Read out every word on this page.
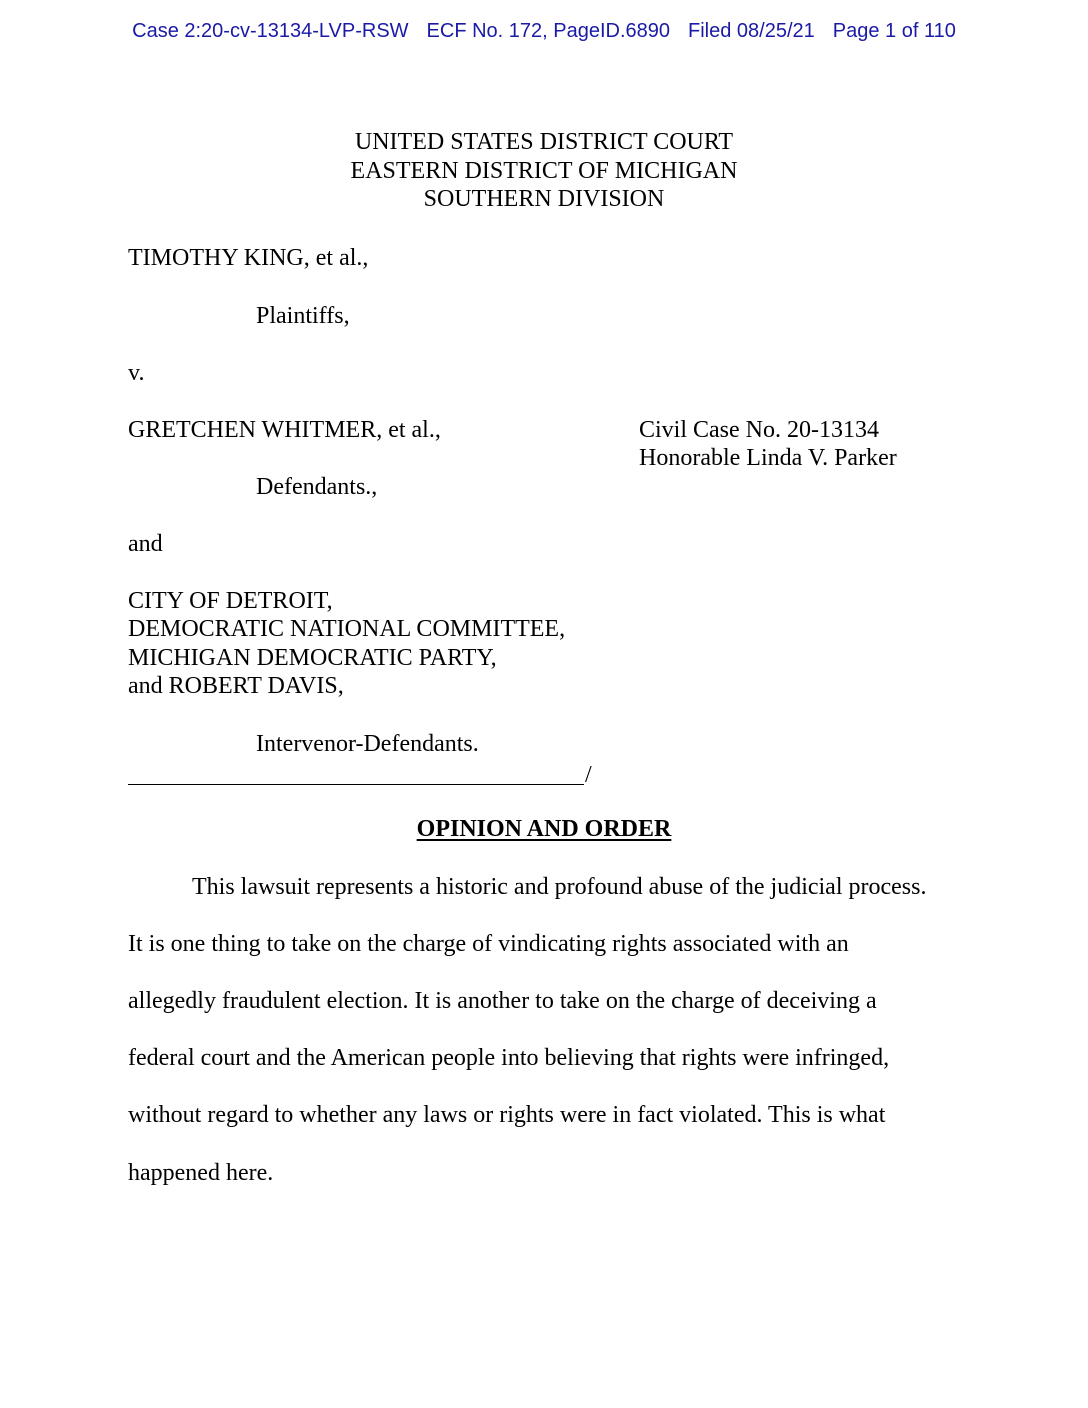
Case 2:20-cv-13134-LVP-RSW ECF No. 172, PageID.6890 Filed 08/25/21 Page 1 of 110
UNITED STATES DISTRICT COURT
EASTERN DISTRICT OF MICHIGAN
SOUTHERN DIVISION
TIMOTHY KING, et al.,
Plaintiffs,
v.
GRETCHEN WHITMER, et al.,	Civil Case No. 20-13134
Honorable Linda V. Parker
Defendants.,
and
CITY OF DETROIT,
DEMOCRATIC NATIONAL COMMITTEE,
MICHIGAN DEMOCRATIC PARTY,
and ROBERT DAVIS,
Intervenor-Defendants.
/
OPINION AND ORDER
This lawsuit represents a historic and profound abuse of the judicial process.
It is one thing to take on the charge of vindicating rights associated with an
allegedly fraudulent election. It is another to take on the charge of deceiving a
federal court and the American people into believing that rights were infringed,
without regard to whether any laws or rights were in fact violated. This is what
happened here.
